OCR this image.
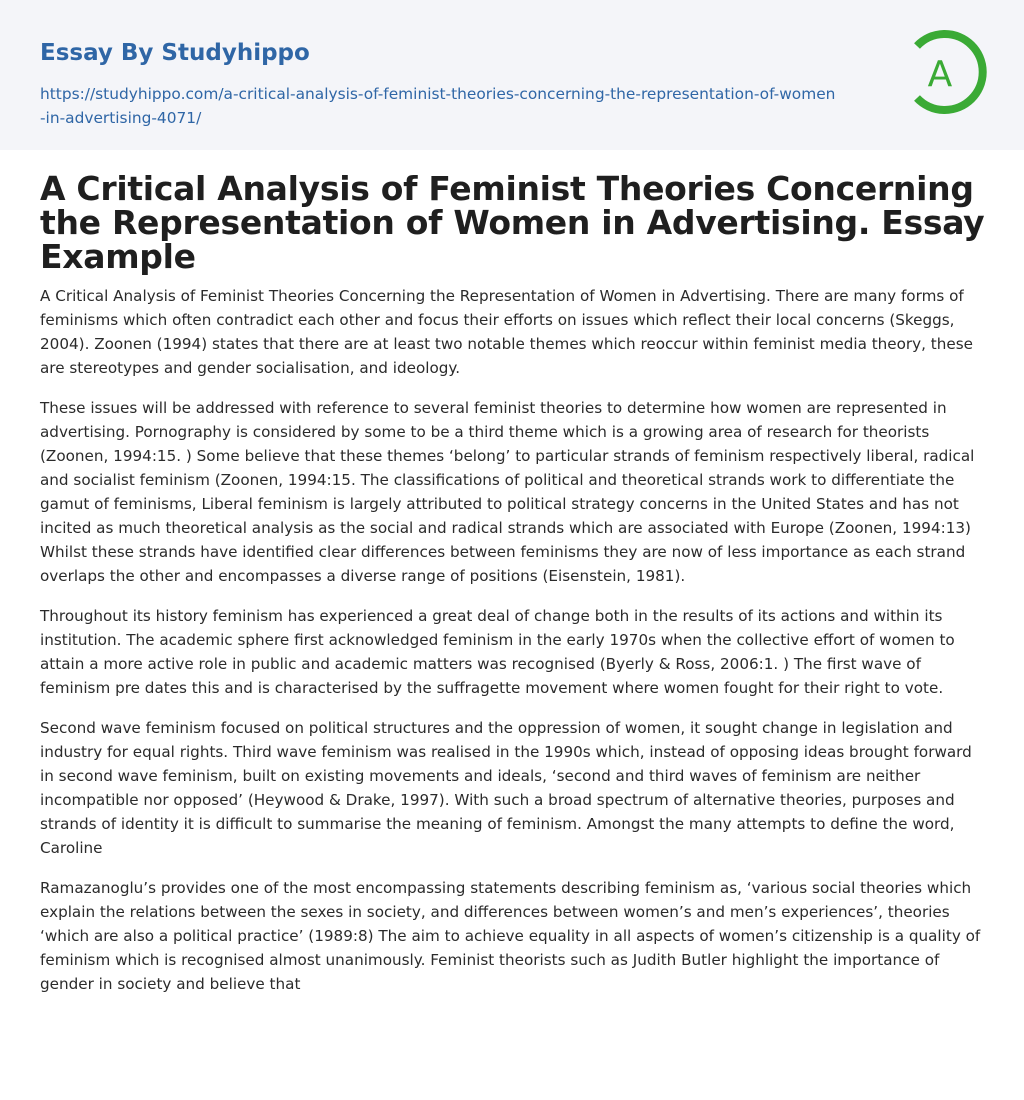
Essay By Studyhippo
https://studyhippo.com/a-critical-analysis-of-feminist-theories-concerning-the-representation-of-women-in-advertising-4071/
A
A Critical Analysis of Feminist Theories Concerning the Representation of Women in Advertising. Essay Example

A Critical Analysis of Feminist Theories Concerning the Representation of Women in Advertising. There are many forms of feminisms which often contradict each other and focus their efforts on issues which reflect their local concerns (Skeggs, 2004). Zoonen (1994) states that there are at least two notable themes which reoccur within feminist media theory, these are stereotypes and gender socialisation, and ideology.

These issues will be addressed with reference to several feminist theories to determine how women are represented in advertising. Pornography is considered by some to be a third theme which is a growing area of research for theorists (Zoonen, 1994:15. ) Some believe that these themes ‘belong’ to particular strands of feminism respectively liberal, radical and socialist feminism (Zoonen, 1994:15. The classifications of political and theoretical strands work to differentiate the gamut of feminisms, Liberal feminism is largely attributed to political strategy concerns in the United States and has not incited as much theoretical analysis as the social and radical strands which are associated with Europe (Zoonen, 1994:13) Whilst these strands have identified clear differences between feminisms they are now of less importance as each strand overlaps the other and encompasses a diverse range of positions (Eisenstein, 1981).

Throughout its history feminism has experienced a great deal of change both in the results of its actions and within its institution. The academic sphere first acknowledged feminism in the early 1970s when the collective effort of women to attain a more active role in public and academic matters was recognised (Byerly & Ross, 2006:1. ) The first wave of feminism pre dates this and is characterised by the suffragette movement where women fought for their right to vote.

Second wave feminism focused on political structures and the oppression of women, it sought change in legislation and industry for equal rights. Third wave feminism was realised in the 1990s which, instead of opposing ideas brought forward in second wave feminism, built on existing movements and ideals, ‘second and third waves of feminism are neither incompatible nor opposed’ (Heywood & Drake, 1997). With such a broad spectrum of alternative theories, purposes and strands of identity it is difficult to summarise the meaning of feminism. Amongst the many attempts to define the word, Caroline

Ramazanoglu’s provides one of the most encompassing statements describing feminism as, ‘various social theories which explain the relations between the sexes in society, and differences between women’s and men’s experiences’, theories ‘which are also a political practice’ (1989:8) The aim to achieve equality in all aspects of women’s citizenship is a quality of feminism which is recognised almost unanimously. Feminist theorists such as Judith Butler highlight the importance of gender in society and believe that
